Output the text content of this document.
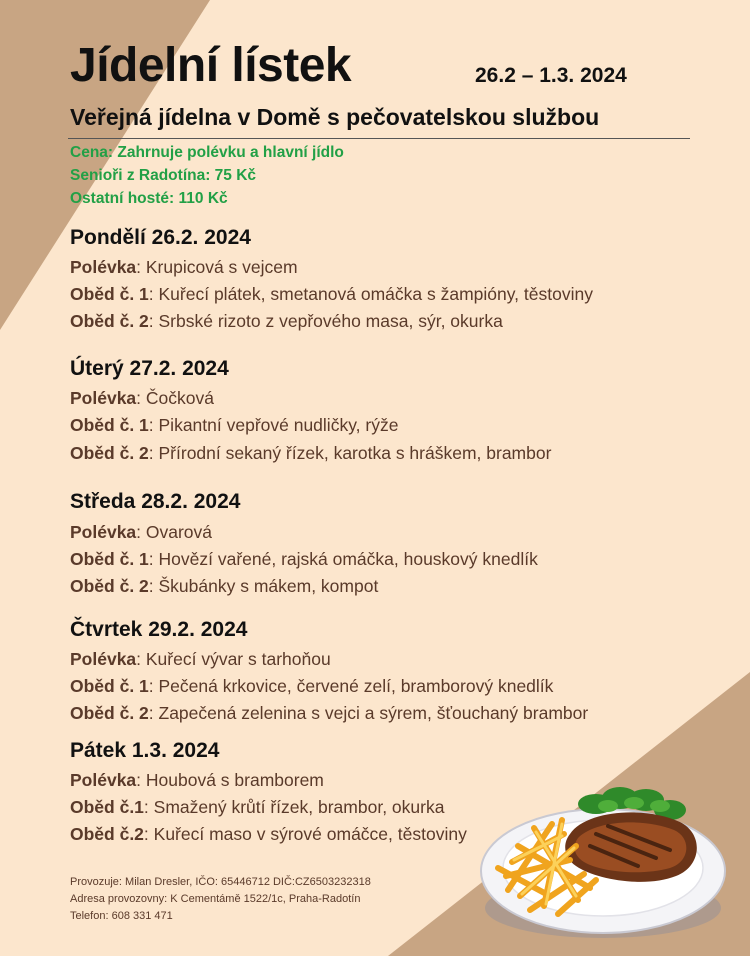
Jídelní lístek	26.2 – 1.3. 2024
Veřejná jídelna v Domě s pečovatelskou službou
Cena: Zahrnuje polévku a hlavní jídlo
Senioři z Radotína: 75 Kč
Ostatní hosté: 110 Kč
Pondělí 26.2. 2024
Polévka: Krupicová s vejcem
Oběd č. 1: Kuřecí plátek, smetanová omáčka s žampióny, těstoviny
Oběd č. 2: Srbské rizoto z vepřového masa, sýr, okurka
Úterý 27.2. 2024
Polévka: Čočková
Oběd č. 1: Pikantní vepřové nudličky, rýže
Oběd č. 2: Přírodní sekaný řízek, karotka s hráškem, brambor
Středa 28.2. 2024
Polévka: Ovarová
Oběd č. 1: Hovězí vařené, rajská omáčka, houskový knedlík
Oběd č. 2: Škubánky s mákem, kompot
Čtvrtek 29.2. 2024
Polévka: Kuřecí vývar s tarhoňou
Oběd č. 1: Pečená krkovice, červené zelí, bramborový knedlík
Oběd č. 2: Zapečená zelenina s vejci a sýrem, šťouchaný brambor
Pátek 1.3. 2024
Polévka: Houbová s bramborem
Oběd č.1: Smažený krůtí řízek, brambor, okurka
Oběd č.2: Kuřecí maso v sýrové omáčce, těstoviny
Provozuje: Milan Dresler, IČO: 65446712 DIČ:CZ6503232318
Adresa provozovny: K Cementámě 1522/1c, Praha-Radotín
Telefon: 608 331 471
